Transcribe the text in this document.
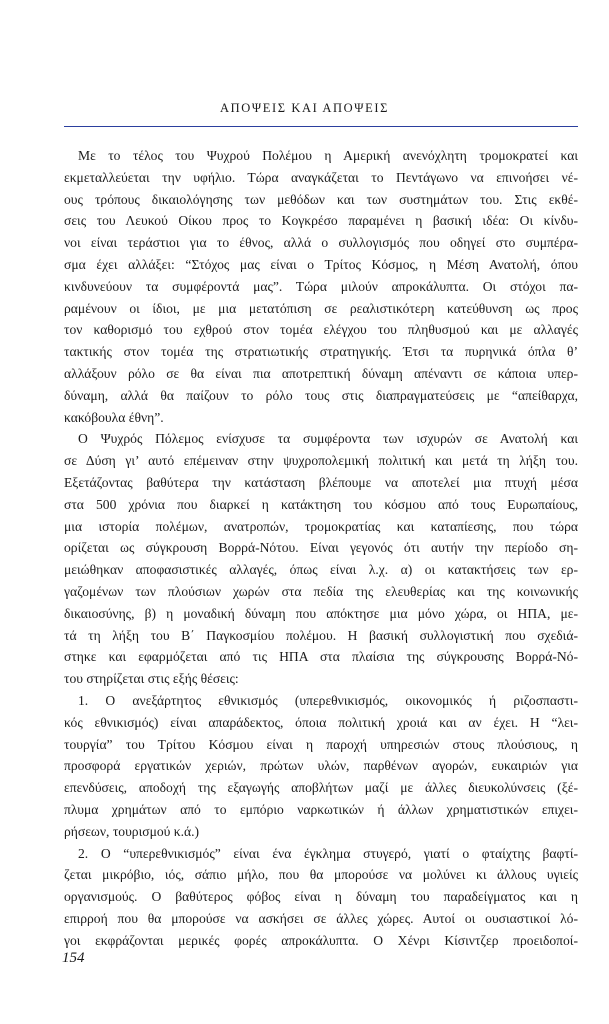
ΑΠΟΨΕΙΣ ΚΑΙ ΑΠΟΨΕΙΣ
Με το τέλος του Ψυχρού Πολέμου η Αμερική ανενόχλητη τρομοκρατεί και
εκμεταλλεύεται την υφήλιο. Τώρα αναγκάζεται το Πεντάγωνο να επινοήσει νέ-
ους τρόπους δικαιολόγησης των μεθόδων και των συστημάτων του. Στις εκθέ-
σεις του Λευκού Οίκου προς το Κογκρέσο παραμένει η βασική ιδέα: Οι κίνδυ-
νοι είναι τεράστιοι για το έθνος, αλλά ο συλλογισμός που οδηγεί στο συμπέρα-
σμα έχει αλλάξει: “Στόχος μας είναι ο Τρίτος Κόσμος, η Μέση Ανατολή, όπου
κινδυνεύουν τα συμφέροντά μας”. Τώρα μιλούν απροκάλυπτα. Οι στόχοι πα-
ραμένουν οι ίδιοι, με μια μετατόπιση σε ρεαλιστικότερη κατεύθυνση ως προς
τον καθορισμό του εχθρού στον τομέα ελέγχου του πληθυσμού και με αλλαγές
τακτικής στον τομέα της στρατιωτικής στρατηγικής. Έτσι τα πυρηνικά όπλα θ’
αλλάξουν ρόλο σε θα είναι πια αποτρεπτική δύναμη απέναντι σε κάποια υπερ-
δύναμη, αλλά θα παίζουν το ρόλο τους στις διαπραγματεύσεις με “απείθαρχα,
κακόβουλα έθνη”.
Ο Ψυχρός Πόλεμος ενίσχυσε τα συμφέροντα των ισχυρών σε Ανατολή και
σε Δύση γι’ αυτό επέμειναν στην ψυχροπολεμική πολιτική και μετά τη λήξη του.
Εξετάζοντας βαθύτερα την κατάσταση βλέπουμε να αποτελεί μια πτυχή μέσα
στα 500 χρόνια που διαρκεί η κατάκτηση του κόσμου από τους Ευρωπαίους,
μια ιστορία πολέμων, ανατροπών, τρομοκρατίας και καταπίεσης, που τώρα
ορίζεται ως σύγκρουση Βορρά-Νότου. Είναι γεγονός ότι αυτήν την περίοδο ση-
μειώθηκαν αποφασιστικές αλλαγές, όπως είναι λ.χ. α) οι κατακτήσεις των ερ-
γαζομένων των πλούσιων χωρών στα πεδία της ελευθερίας και της κοινωνικής
δικαιοσύνης, β) η μοναδική δύναμη που απόκτησε μια μόνο χώρα, οι ΗΠΑ, με-
τά τη λήξη του Β΄ Παγκοσμίου πολέμου. Η βασική συλλογιστική που σχεδιά-
στηκε και εφαρμόζεται από τις ΗΠΑ στα πλαίσια της σύγκρουσης Βορρά-Νό-
του στηρίζεται στις εξής θέσεις:
1. Ο ανεξάρτητος εθνικισμός (υπερεθνικισμός, οικονομικός ή ριζοσπαστι-
κός εθνικισμός) είναι απαράδεκτος, όποια πολιτική χροιά και αν έχει. Η “λει-
τουργία” του Τρίτου Κόσμου είναι η παροχή υπηρεσιών στους πλούσιους, η
προσφορά εργατικών χεριών, πρώτων υλών, παρθένων αγορών, ευκαιριών για
επενδύσεις, αποδοχή της εξαγωγής αποβλήτων μαζί με άλλες διευκολύνσεις (ξέ-
πλυμα χρημάτων από το εμπόριο ναρκωτικών ή άλλων χρηματιστικών επιχει-
ρήσεων, τουρισμού κ.ά.)
2. Ο “υπερεθνικισμός” είναι ένα έγκλημα στυγερό, γιατί ο φταίχτης βαφτί-
ζεται μικρόβιο, ιός, σάπιο μήλο, που θα μπορούσε να μολύνει κι άλλους υγιείς
οργανισμούς. Ο βαθύτερος φόβος είναι η δύναμη του παραδείγματος και η
επιρροή που θα μπορούσε να ασκήσει σε άλλες χώρες. Αυτοί οι ουσιαστικοί λό-
γοι εκφράζονται μερικές φορές απροκάλυπτα. Ο Χένρι Κίσιντζερ προειδοποί-
154
